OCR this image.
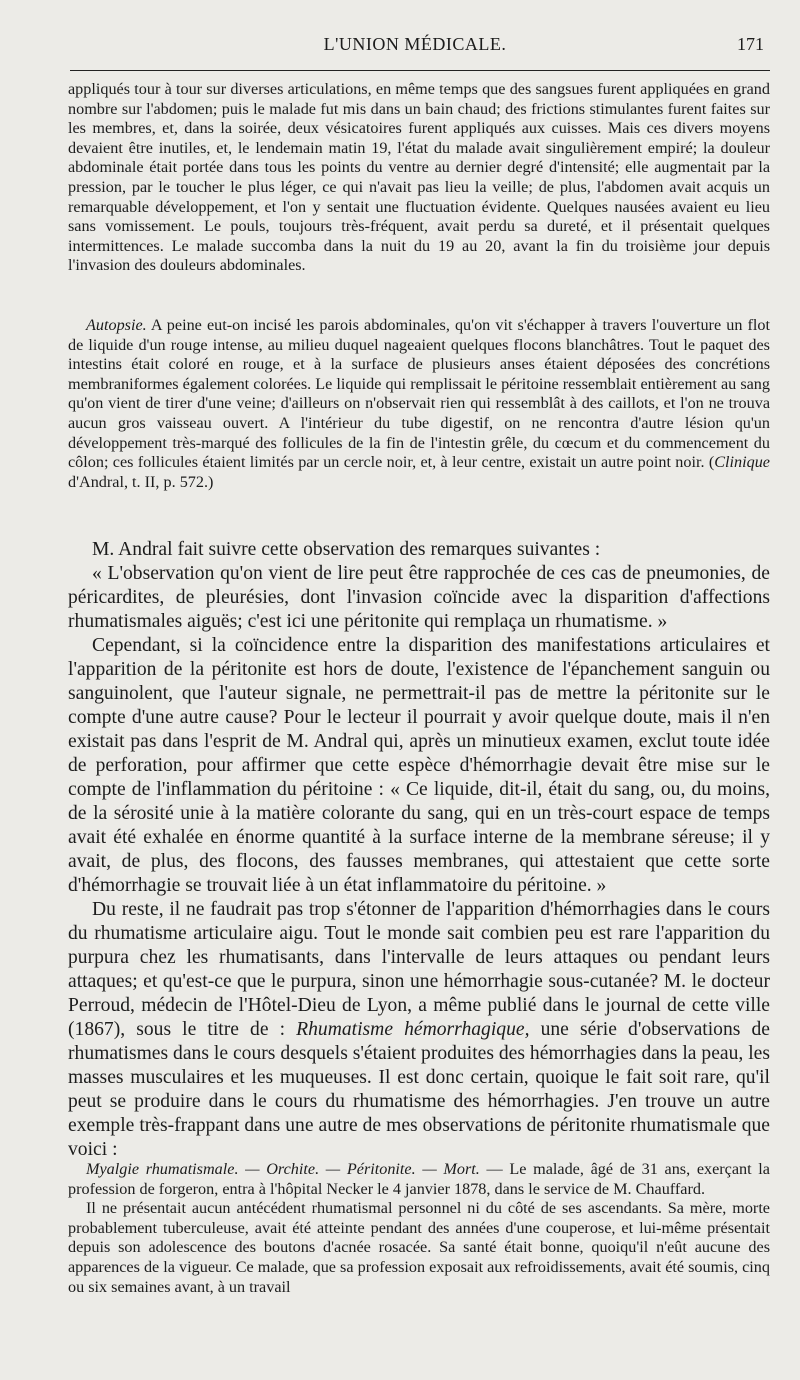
L'UNION MÉDICALE.	171

appliqués tour à tour sur diverses articulations, en même temps que des sangsues furent appliquées en grand nombre sur l'abdomen; puis le malade fut mis dans un bain chaud; des frictions stimulantes furent faites sur les membres, et, dans la soirée, deux vésicatoires furent appliqués aux cuisses. Mais ces divers moyens devaient être inutiles, et, le lendemain matin 19, l'état du malade avait singulièrement empiré; la douleur abdominale était portée dans tous les points du ventre au dernier degré d'intensité; elle augmentait par la pression, par le toucher le plus léger, ce qui n'avait pas lieu la veille; de plus, l'abdomen avait acquis un remarquable développement, et l'on y sentait une fluctuation évidente. Quelques nausées avaient eu lieu sans vomissement. Le pouls, toujours très-fréquent, avait perdu sa dureté, et il présentait quelques intermittences. Le malade succomba dans la nuit du 19 au 20, avant la fin du troisième jour depuis l'invasion des douleurs abdominales.

Autopsie. A peine eut-on incisé les parois abdominales, qu'on vit s'échapper à travers l'ouverture un flot de liquide d'un rouge intense, au milieu duquel nageaient quelques flocons blanchâtres. Tout le paquet des intestins était coloré en rouge, et à la surface de plusieurs anses étaient déposées des concrétions membraniformes également colorées. Le liquide qui remplissait le péritoine ressemblait entièrement au sang qu'on vient de tirer d'une veine; d'ailleurs on n'observait rien qui ressemblât à des caillots, et l'on ne trouva aucun gros vaisseau ouvert. A l'intérieur du tube digestif, on ne rencontra d'autre lésion qu'un développement très-marqué des follicules de la fin de l'intestin grêle, du cœcum et du commencement du côlon; ces follicules étaient limités par un cercle noir, et, à leur centre, existait un autre point noir. (Clinique d'Andral, t. II, p. 572.)

M. Andral fait suivre cette observation des remarques suivantes :

« L'observation qu'on vient de lire peut être rapprochée de ces cas de pneumonies, de péricardites, de pleurésies, dont l'invasion coïncide avec la disparition d'affections rhumatismales aiguës; c'est ici une péritonite qui remplaça un rhumatisme. »

Cependant, si la coïncidence entre la disparition des manifestations articulaires et l'apparition de la péritonite est hors de doute, l'existence de l'épanchement sanguin ou sanguinolent, que l'auteur signale, ne permettrait-il pas de mettre la péritonite sur le compte d'une autre cause? Pour le lecteur il pourrait y avoir quelque doute, mais il n'en existait pas dans l'esprit de M. Andral qui, après un minutieux examen, exclut toute idée de perforation, pour affirmer que cette espèce d'hémorrhagie devait être mise sur le compte de l'inflammation du péritoine : « Ce liquide, dit-il, était du sang, ou, du moins, de la sérosité unie à la matière colorante du sang, qui en un très-court espace de temps avait été exhalée en énorme quantité à la surface interne de la membrane séreuse; il y avait, de plus, des flocons, des fausses membranes, qui attestaient que cette sorte d'hémorrhagie se trouvait liée à un état inflammatoire du péritoine. »

Du reste, il ne faudrait pas trop s'étonner de l'apparition d'hémorrhagies dans le cours du rhumatisme articulaire aigu. Tout le monde sait combien peu est rare l'apparition du purpura chez les rhumatisants, dans l'intervalle de leurs attaques ou pendant leurs attaques; et qu'est-ce que le purpura, sinon une hémorrhagie sous-cutanée? M. le docteur Perroud, médecin de l'Hôtel-Dieu de Lyon, a même publié dans le journal de cette ville (1867), sous le titre de : Rhumatisme hémorrhagique, une série d'observations de rhumatismes dans le cours desquels s'étaient produites des hémorrhagies dans la peau, les masses musculaires et les muqueuses. Il est donc certain, quoique le fait soit rare, qu'il peut se produire dans le cours du rhumatisme des hémorrhagies. J'en trouve un autre exemple très-frappant dans une autre de mes observations de péritonite rhumatismale que voici :

Myalgie rhumatismale. — Orchite. — Péritonite. — Mort. — Le malade, âgé de 31 ans, exerçant la profession de forgeron, entra à l'hôpital Necker le 4 janvier 1878, dans le service de M. Chauffard.

Il ne présentait aucun antécédent rhumatismal personnel ni du côté de ses ascendants. Sa mère, morte probablement tuberculeuse, avait été atteinte pendant des années d'une couperose, et lui-même présentait depuis son adolescence des boutons d'acnée rosacée. Sa santé était bonne, quoiqu'il n'eût aucune des apparences de la vigueur. Ce malade, que sa profession exposait aux refroidissements, avait été soumis, cinq ou six semaines avant, à un travail
